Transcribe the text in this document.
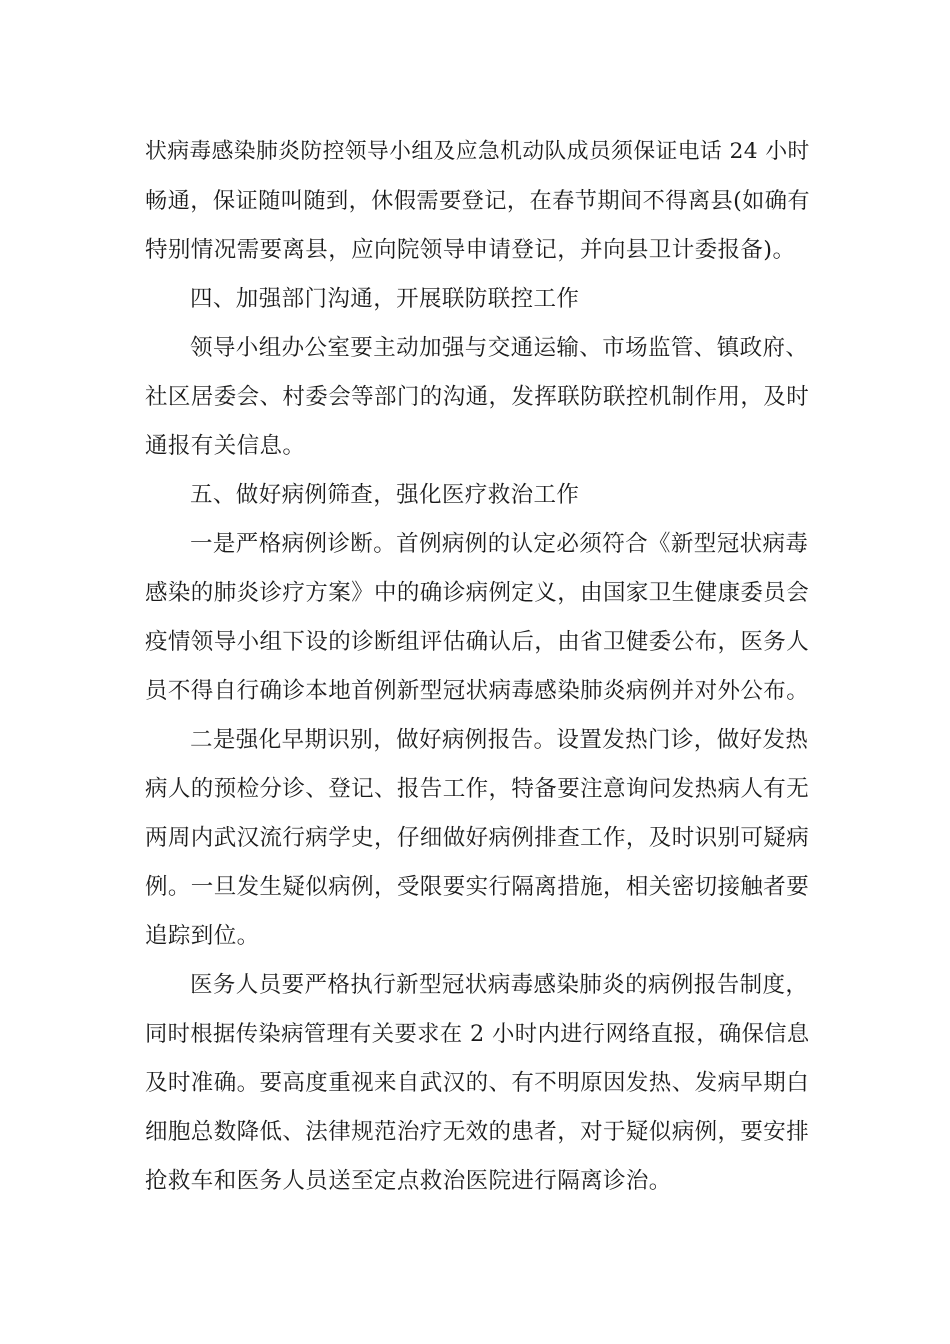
状病毒感染肺炎防控领导小组及应急机动队成员须保证电话 24 小时
畅通，保证随叫随到，休假需要登记，在春节期间不得离县(如确有
特别情况需要离县，应向院领导申请登记，并向县卫计委报备)。
四、加强部门沟通，开展联防联控工作
领导小组办公室要主动加强与交通运输、市场监管、镇政府、
社区居委会、村委会等部门的沟通，发挥联防联控机制作用，及时
通报有关信息。
五、做好病例筛查，强化医疗救治工作
一是严格病例诊断。首例病例的认定必须符合《新型冠状病毒
感染的肺炎诊疗方案》中的确诊病例定义，由国家卫生健康委员会
疫情领导小组下设的诊断组评估确认后，由省卫健委公布，医务人
员不得自行确诊本地首例新型冠状病毒感染肺炎病例并对外公布。
二是强化早期识别，做好病例报告。设置发热门诊，做好发热
病人的预检分诊、登记、报告工作，特备要注意询问发热病人有无
两周内武汉流行病学史，仔细做好病例排查工作，及时识别可疑病
例。一旦发生疑似病例，受限要实行隔离措施，相关密切接触者要
追踪到位。
医务人员要严格执行新型冠状病毒感染肺炎的病例报告制度，
同时根据传染病管理有关要求在 2 小时内进行网络直报，确保信息
及时准确。要高度重视来自武汉的、有不明原因发热、发病早期白
细胞总数降低、法律规范治疗无效的患者，对于疑似病例，要安排
抢救车和医务人员送至定点救治医院进行隔离诊治。
